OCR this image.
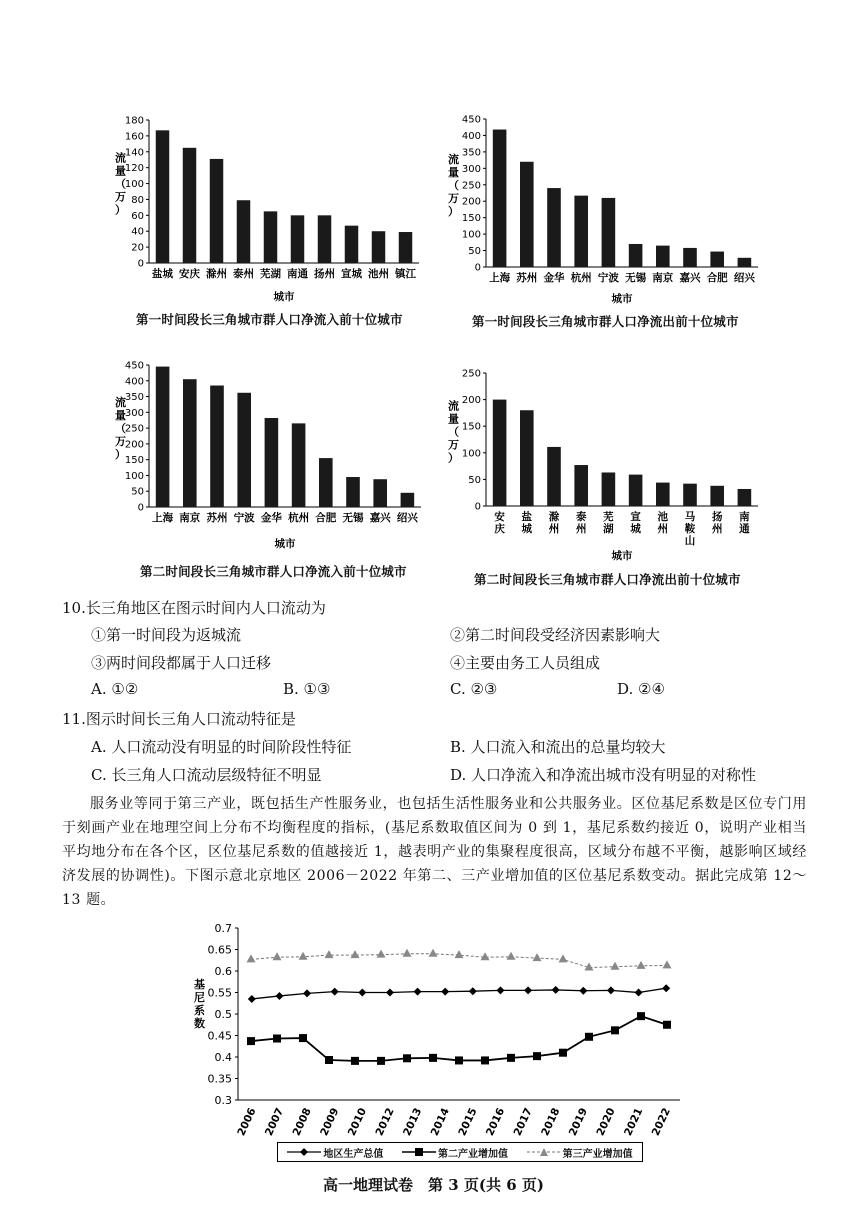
0
20
40
60
80
100
120
140
160
180
流量（万）
盐城 安庆 滁州 泰州 芜湖 南通 扬州 宣城 池州 镇江
城市
第一时间段长三角城市群人口净流入前十位城市
0
50
100
150
200
250
300
350
400
450
流量（万）
上海 苏州 金华 杭州 宁波 无锡 南京 嘉兴 合肥 绍兴
城市
第一时间段长三角城市群人口净流出前十位城市
0
50
100
150
200
250
300
350
400
450
流量（万）
上海 南京 苏州 宁波 金华 杭州 合肥 无锡 嘉兴 绍兴
城市
第二时间段长三角城市群人口净流入前十位城市
0
50
100
150
200
250
流量（万）
安庆
盐城
滁州
泰州
芜湖
宣城
池州
马鞍山
扬州
南通
城市
第二时间段长三角城市群人口净流出前十位城市
10.长三角地区在图示时间内人口流动为
①第一时间段为返城流	②第二时间段受经济因素影响大
③两时间段都属于人口迁移	④主要由务工人员组成
A. ①②	B. ①③	C. ②③	D. ②④
11.图示时间长三角人口流动特征是
A. 人口流动没有明显的时间阶段性特征	B. 人口流入和流出的总量均较大
C. 长三角人口流动层级特征不明显	D. 人口净流入和净流出城市没有明显的对称性
服务业等同于第三产业，既包括生产性服务业，也包括生活性服务业和公共服务业。区位基尼系数是区位专门用于刻画产业在地理空间上分布不均衡程度的指标，(基尼系数取值区间为 0 到 1，基尼系数约接近 0，说明产业相当平均地分布在各个区，区位基尼系数的值越接近 1，越表明产业的集聚程度很高，区域分布越不平衡，越影响区域经济发展的协调性)。下图示意北京地区 2006－2022 年第二、三产业增加值的区位基尼系数变动。据此完成第 12～13 题。
0.3
0.35
0.4
0.45
0.5
0.55
0.6
0.65
0.7
基尼系数
2006 2007 2008 2009 2010 2012 2013 2014 2015 2016 2017 2018 2019 2020 2021 2022
地区生产总值	第二产业增加值	第三产业增加值
高一地理试卷　第 3 页(共 6 页)
